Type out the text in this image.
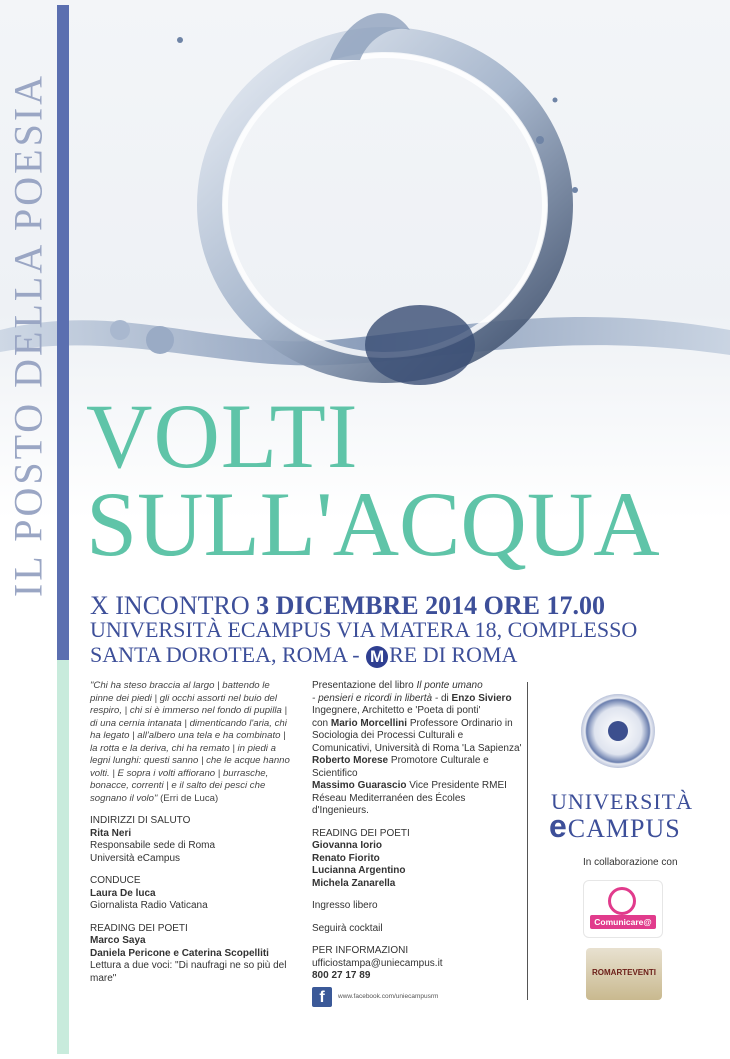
IL POSTO DELLA POESIA VOLTI
SULL'ACQUA
X INCONTRO 3 DICEMBRE 2014 ORE 17.00
UNIVERSITÀ ECAMPUS VIA MATERA 18, COMPLESSO
SANTA DOROTEA, ROMA - M RE DI ROMA

"Chi ha steso braccia al largo | battendo le pinne dei piedi | gli occhi assorti nel buio del respiro, | chi si è immerso nel fondo di pupilla | di una cernia intanata | dimenticando l'aria, chi ha legato | all'albero una tela e ha combinato | la rotta e la deriva, chi ha remato | in piedi a legni lunghi: questi sanno | che le acque hanno volti. | E sopra i volti affiorano | burrasche, bonacce, correnti | e il salto dei pesci che sognano il volo" (Erri de Luca)

INDIRIZZI DI SALUTO

Rita Neri

Responsabile sede di Roma

Università eCampus

CONDUCE

Laura De luca

Giornalista Radio Vaticana

READING DEI POETI

Marco Saya

Daniela Pericone e Caterina Scopelliti

Lettura a due voci: "Di naufragi ne so più del mare"

Presentazione del libro Il ponte umano

- pensieri e ricordi in libertà - di Enzo Siviero

Ingegnere, Architetto e 'Poeta di ponti'

con Mario Morcellini Professore Ordinario in Sociologia dei Processi Culturali e Comunicativi, Università di Roma 'La Sapienza'

Roberto Morese Promotore Culturale e Scientifico

Massimo Guarascio Vice Presidente RMEI Réseau Mediterranéen des Écoles d'Ingenieurs.

READING DEI POETI

Giovanna Iorio

Renato Fiorito

Lucianna Argentino

Michela Zanarella

Ingresso libero

Seguirà cocktail

PER INFORMAZIONI

ufficiostampa@uniecampus.it

800 27 17 89

f	www.facebook.com/uniecampusrm
UNIVERSITÀ
eCAMPUS
In collaborazione con
Comunicare@
ROMARTEVENTI
